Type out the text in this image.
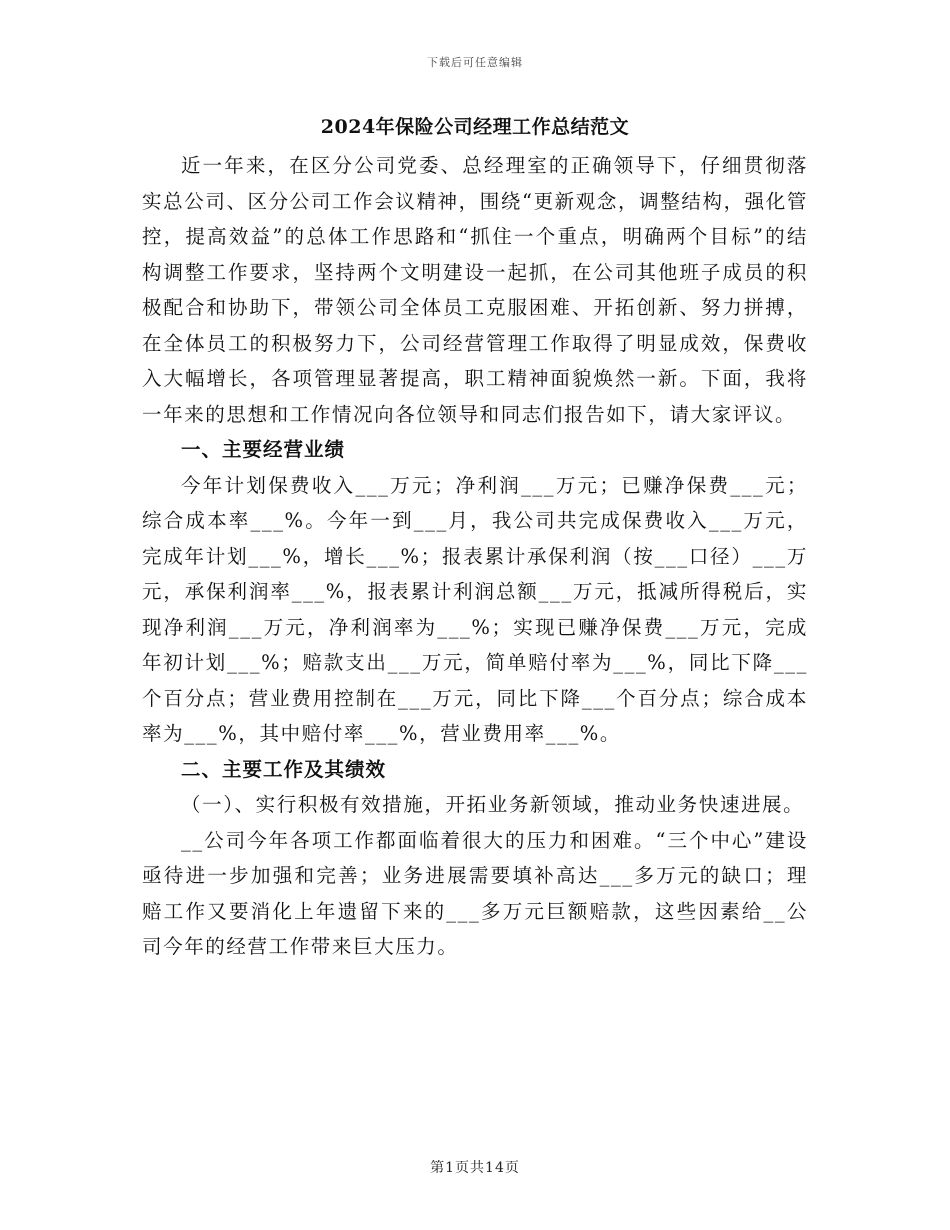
下载后可任意编辑
2024年保险公司经理工作总结范文

近一年来，在区分公司党委、总经理室的正确领导下，仔细贯彻落实总公司、区分公司工作会议精神，围绕“更新观念，调整结构，强化管控，提高效益”的总体工作思路和“抓住一个重点，明确两个目标”的结构调整工作要求，坚持两个文明建设一起抓，在公司其他班子成员的积极配合和协助下，带领公司全体员工克服困难、开拓创新、努力拼搏，在全体员工的积极努力下，公司经营管理工作取得了明显成效，保费收入大幅增长，各项管理显著提高，职工精神面貌焕然一新。下面，我将一年来的思想和工作情况向各位领导和同志们报告如下，请大家评议。

一、主要经营业绩

今年计划保费收入___万元；净利润___万元；已赚净保费___元；综合成本率___%。今年一到___月，我公司共完成保费收入___万元，完成年计划___%，增长___%；报表累计承保利润（按___口径）___万元，承保利润率___%，报表累计利润总额___万元，抵减所得税后，实现净利润___万元，净利润率为___%；实现已赚净保费___万元，完成年初计划___%；赔款支出___万元，简单赔付率为___%，同比下降___个百分点；营业费用控制在___万元，同比下降___个百分点；综合成本率为___%，其中赔付率___%，营业费用率___%。

二、主要工作及其绩效

（一）、实行积极有效措施，开拓业务新领域，推动业务快速进展。

__公司今年各项工作都面临着很大的压力和困难。“三个中心”建设亟待进一步加强和完善；业务进展需要填补高达___多万元的缺口；理赔工作又要消化上年遗留下来的___多万元巨额赔款，这些因素给__公司今年的经营工作带来巨大压力。

第1页共14页
